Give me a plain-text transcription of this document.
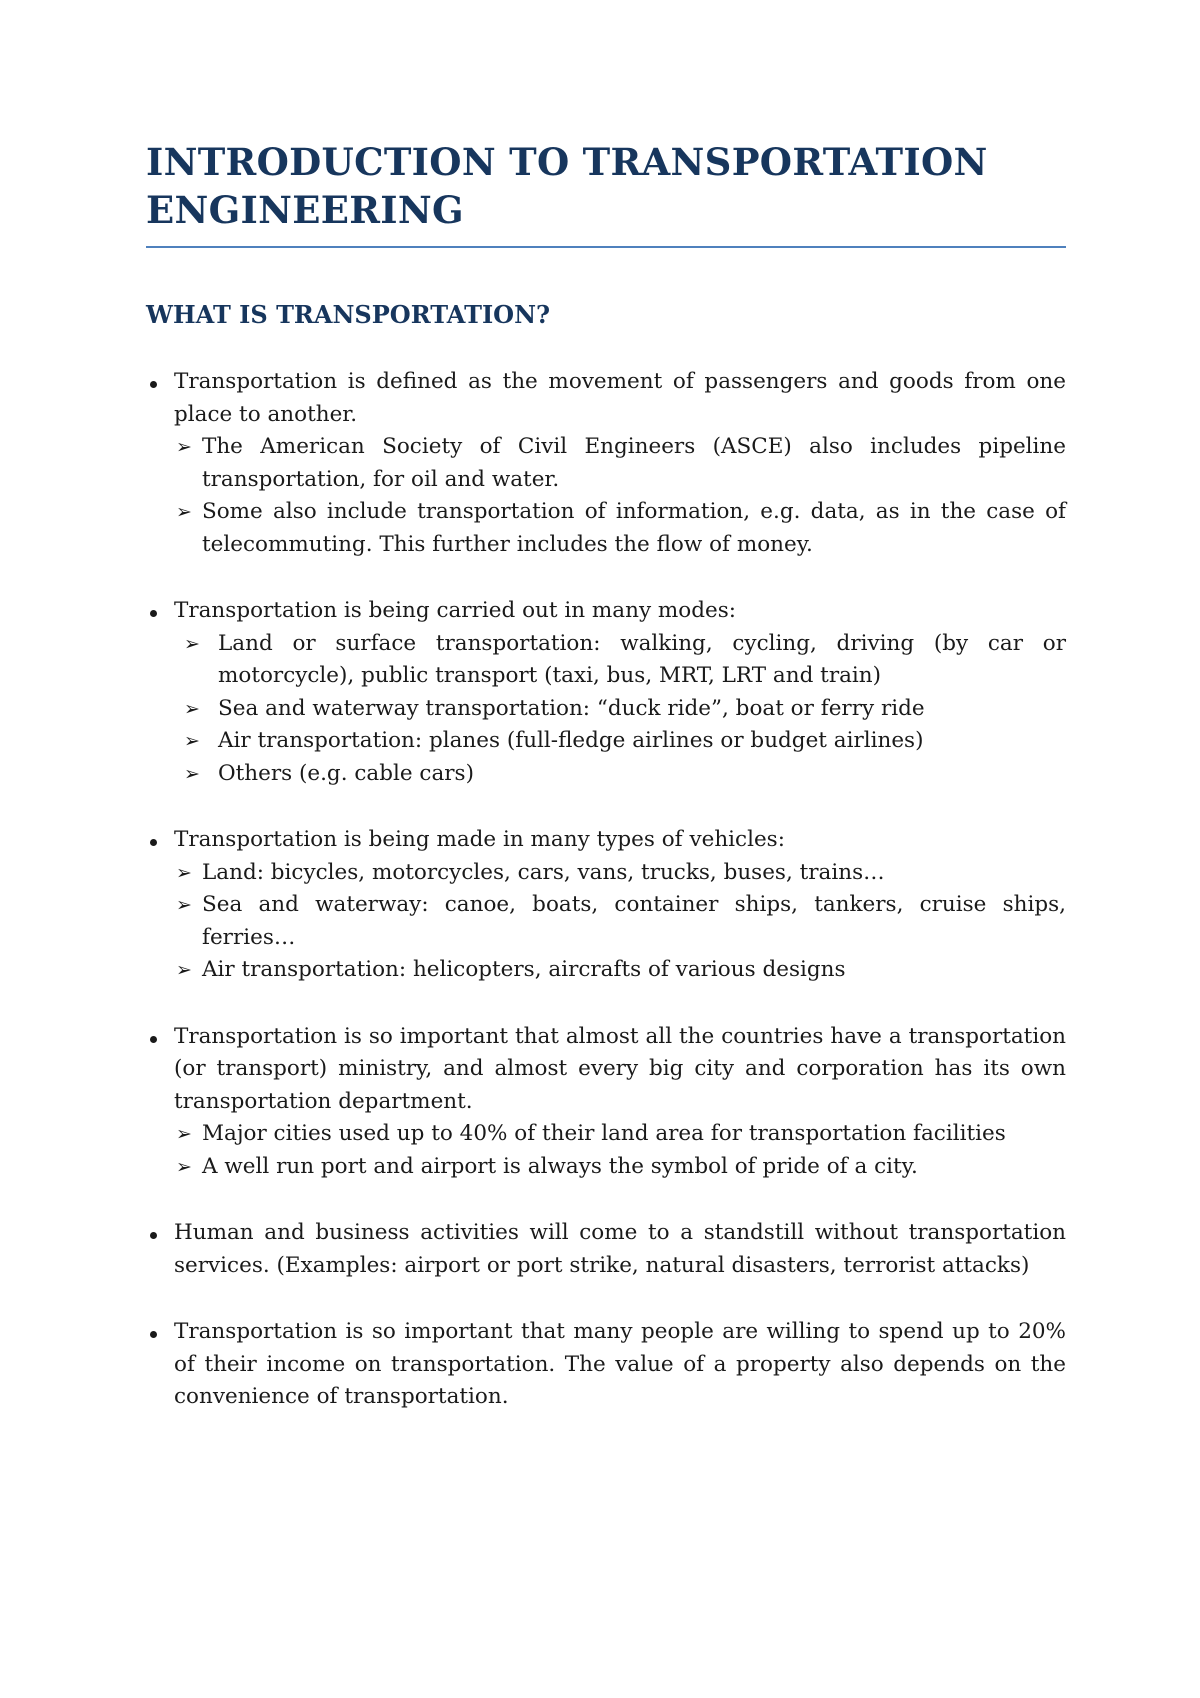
INTRODUCTION TO TRANSPORTATION ENGINEERING
WHAT IS TRANSPORTATION?

Transportation is defined as the movement of passengers and goods from one place to another.

➢ The American Society of Civil Engineers (ASCE) also includes pipeline transportation, for oil and water.

➢ Some also include transportation of information, e.g. data, as in the case of telecommuting. This further includes the flow of money.

Transportation is being carried out in many modes:

➢ Land or surface transportation: walking, cycling, driving (by car or motorcycle), public transport (taxi, bus, MRT, LRT and train)

➢ Sea and waterway transportation: “duck ride”, boat or ferry ride

➢ Air transportation: planes (full-fledge airlines or budget airlines)

➢ Others (e.g. cable cars)

Transportation is being made in many types of vehicles:

➢ Land: bicycles, motorcycles, cars, vans, trucks, buses, trains…

➢ Sea and waterway: canoe, boats, container ships, tankers, cruise ships, ferries…

➢ Air transportation: helicopters, aircrafts of various designs

Transportation is so important that almost all the countries have a transportation (or transport) ministry, and almost every big city and corporation has its own transportation department.

➢ Major cities used up to 40% of their land area for transportation facilities

➢ A well run port and airport is always the symbol of pride of a city.

Human and business activities will come to a standstill without transportation services. (Examples: airport or port strike, natural disasters, terrorist attacks)

Transportation is so important that many people are willing to spend up to 20% of their income on transportation. The value of a property also depends on the convenience of transportation.
